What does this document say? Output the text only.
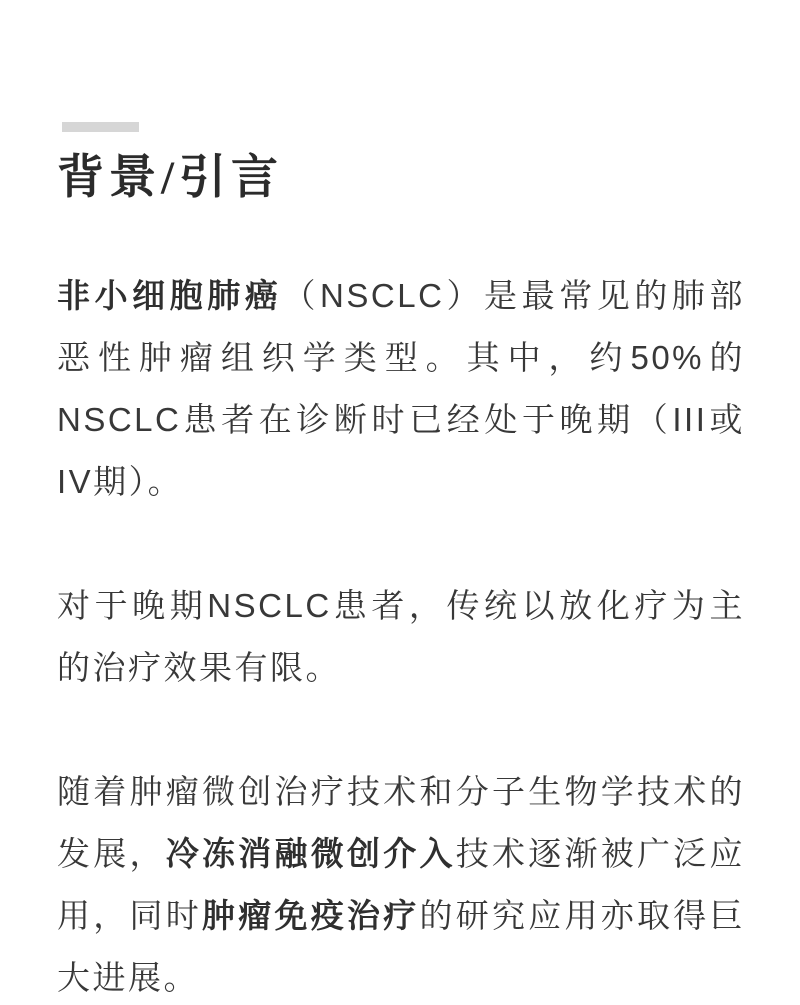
背景/引言

非小细胞肺癌（NSCLC）是最常见的肺部恶性肿瘤组织学类型。其中，约50%的NSCLC患者在诊断时已经处于晚期（III或IV期）。

对于晚期NSCLC患者，传统以放化疗为主的治疗效果有限。

随着肿瘤微创治疗技术和分子生物学技术的发展，冷冻消融微创介入技术逐渐被广泛应用，同时肿瘤免疫治疗的研究应用亦取得巨大进展。
